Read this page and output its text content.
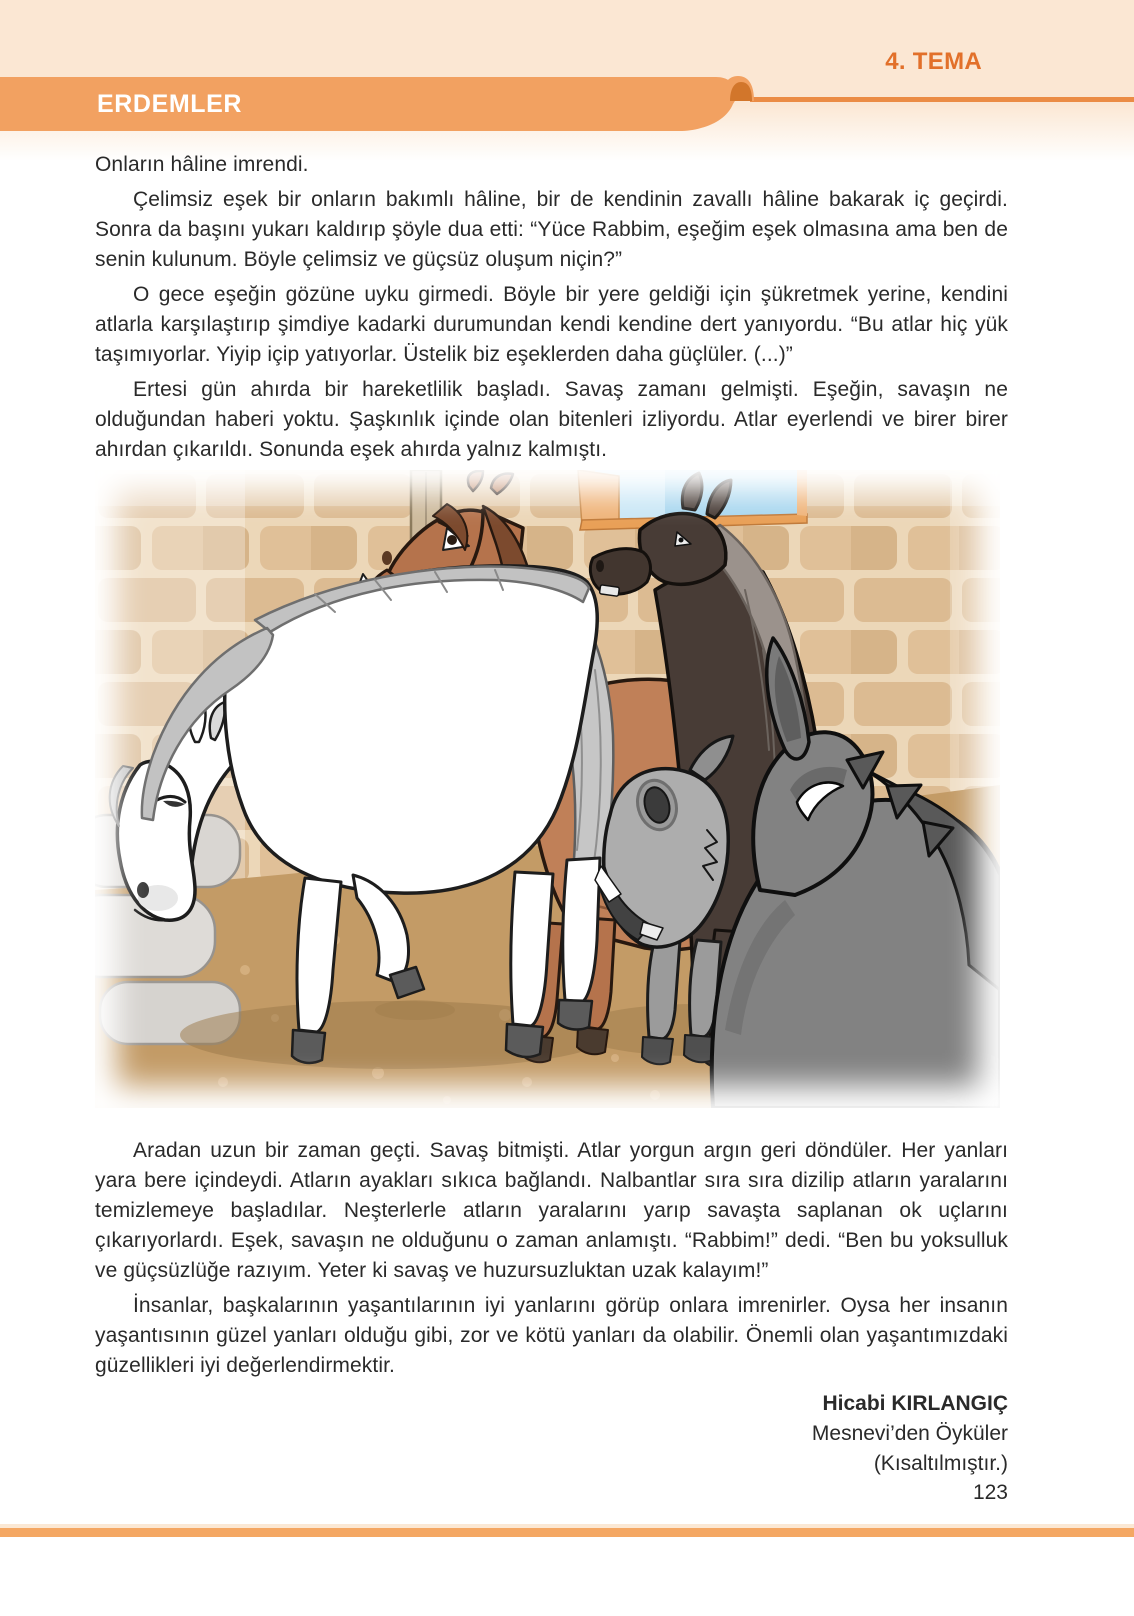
4. TEMA
ERDEMLER

Onların hâline imrendi.

Çelimsiz eşek bir onların bakımlı hâline, bir de kendinin zavallı hâline bakarak iç geçirdi. Sonra da başını yukarı kaldırıp şöyle dua etti: “Yüce Rabbim, eşeğim eşek olmasına ama ben de senin kulunum. Böyle çelimsiz ve güçsüz oluşum niçin?”

O gece eşeğin gözüne uyku girmedi. Böyle bir yere geldiği için şükretmek yerine, kendini atlarla karşılaştırıp şimdiye kadarki durumundan kendi kendine dert yanıyordu. “Bu atlar hiç yük taşımıyorlar. Yiyip içip yatıyorlar. Üstelik biz eşeklerden daha güçlüler. (...)”

Ertesi gün ahırda bir hareketlilik başladı. Savaş zamanı gelmişti. Eşeğin, savaşın ne olduğundan haberi yoktu. Şaşkınlık içinde olan bitenleri izliyordu. Atlar eyerlendi ve birer birer ahırdan çıkarıldı. Sonunda eşek ahırda yalnız kalmıştı.

Aradan uzun bir zaman geçti. Savaş bitmişti. Atlar yorgun argın geri döndüler. Her yanları yara bere içindeydi. Atların ayakları sıkıca bağlandı. Nalbantlar sıra sıra dizilip atların yaralarını temizlemeye başladılar. Neşterlerle atların yaralarını yarıp savaşta saplanan ok uçlarını çıkarıyorlardı. Eşek, savaşın ne olduğunu o zaman anlamıştı. “Rabbim!” dedi. “Ben bu yoksulluk ve güçsüzlüğe razıyım. Yeter ki savaş ve huzursuzluktan uzak kalayım!”

İnsanlar, başkalarının yaşantılarının iyi yanlarını görüp onlara imrenirler. Oysa her insanın yaşantısının güzel yanları olduğu gibi, zor ve kötü yanları da olabilir. Önemli olan yaşantımızdaki güzellikleri iyi değerlendirmektir.

Hicabi KIRLANGIÇ
Mesnevi’den Öyküler
(Kısaltılmıştır.)
123
